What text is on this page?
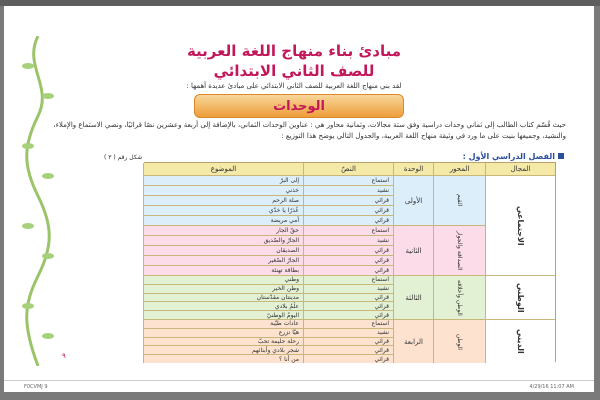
مبادئ بناء منهاج اللغة العربية
للصف الثاني الابتدائي
لقد بني منهاج اللغة العربية للصف الثاني الابتدائي على مبادئ عديدة أهمها :
الوحدات
حيث قُسّم كتاب الطالب إلى ثماني وحدات دراسية وفق ستة مجالات، وثمانية محاور هي : عناوين الوحدات الثماني، بالإضافة إلى أربعة وعشرين نصًا قرائيًا، ونصي الاستماع والإملاء، والنشيد، وجميعها بنيت على ما ورد في وثيقة منهاج اللغة العربية، والجدول التالي يوضح هذا التوزيع :
الفصل الدراسي الأول :
شكل رقم ( ٣ )
المجال
المحور
الوحدة
النصّ
الموضوع
الاجتماعي
الوطني
الديني
القيم
الصداقة والجوار
الوطن وأخلاقه
الوطن
الأولى
الثانية
الثالثة
الرابعة
استماع
إلى البرّ
نشيد
خذني
قرائي
صلة الرحم
قرائي
عُذرًا يا خدّي
قرائي
أمي مريضة
استماع
حقّ الجار
نشيد
الجارُ والصّديق
قرائي
الصديقان
قرائي
الجارُ الصّغير
قرائي
بطاقة تهنئة
استماع
وطني
نشيد
وطن الخير
قرائي
مدينتان مقدّستان
قرائي
علَمُ بلادي
قرائي
اليومُ الوطنيّ
استماع
عادات طيّبة
نشيد
هيّا نزرع
قرائي
رحلة حليمة تحبّ
قرائي
شجر بلادي وأبنائهم
قرائي
من أنا ؟
٩
F0CVMJ 9	4/29/16 11:07 AM
